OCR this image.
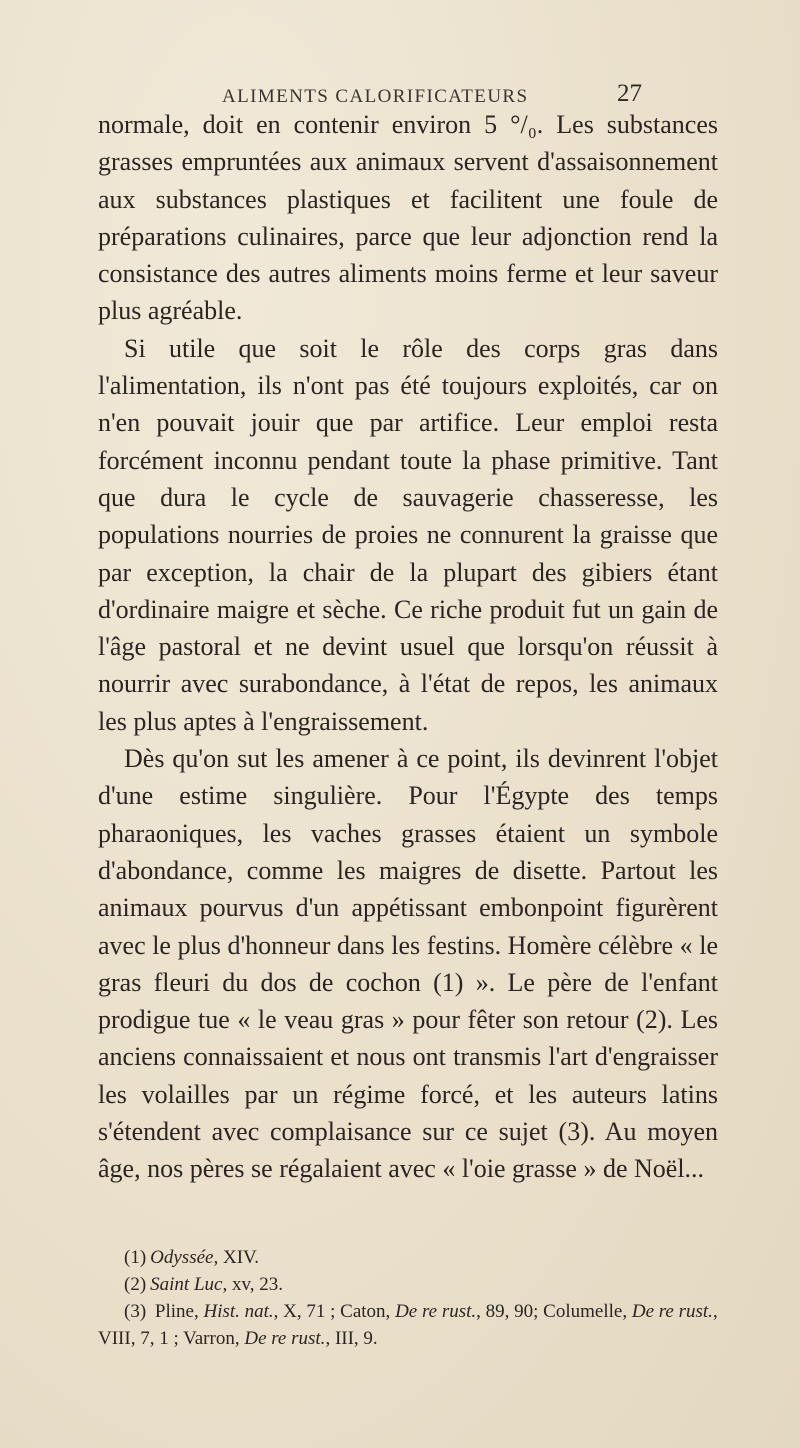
ALIMENTS CALORIFICATEURS	27

normale, doit en contenir environ 5 °/₀. Les substances grasses empruntées aux animaux servent d'assaisonnement aux substances plastiques et facilitent une foule de préparations culinaires, parce que leur adjonction rend la consistance des autres aliments moins ferme et leur saveur plus agréable.

Si utile que soit le rôle des corps gras dans l'alimentation, ils n'ont pas été toujours exploités, car on n'en pouvait jouir que par artifice. Leur emploi resta forcément inconnu pendant toute la phase primitive. Tant que dura le cycle de sauvagerie chasseresse, les populations nourries de proies ne connurent la graisse que par exception, la chair de la plupart des gibiers étant d'ordinaire maigre et sèche. Ce riche produit fut un gain de l'âge pastoral et ne devint usuel que lorsqu'on réussit à nourrir avec surabondance, à l'état de repos, les animaux les plus aptes à l'engraissement.

Dès qu'on sut les amener à ce point, ils devinrent l'objet d'une estime singulière. Pour l'Égypte des temps pharaoniques, les vaches grasses étaient un symbole d'abondance, comme les maigres de disette. Partout les animaux pourvus d'un appétissant embonpoint figurèrent avec le plus d'honneur dans les festins. Homère célèbre « le gras fleuri du dos de cochon (1) ». Le père de l'enfant prodigue tue « le veau gras » pour fêter son retour (2). Les anciens connaissaient et nous ont transmis l'art d'engraisser les volailles par un régime forcé, et les auteurs latins s'étendent avec complaisance sur ce sujet (3). Au moyen âge, nos pères se régalaient avec « l'oie grasse » de Noël...

(1) Odyssée, XIV.

(2) Saint Luc, xv, 23.

(3) Pline, Hist. nat., X, 71 ; Caton, De re rust., 89, 90; Columelle, De re rust., VIII, 7, 1 ; Varron, De re rust., III, 9.
